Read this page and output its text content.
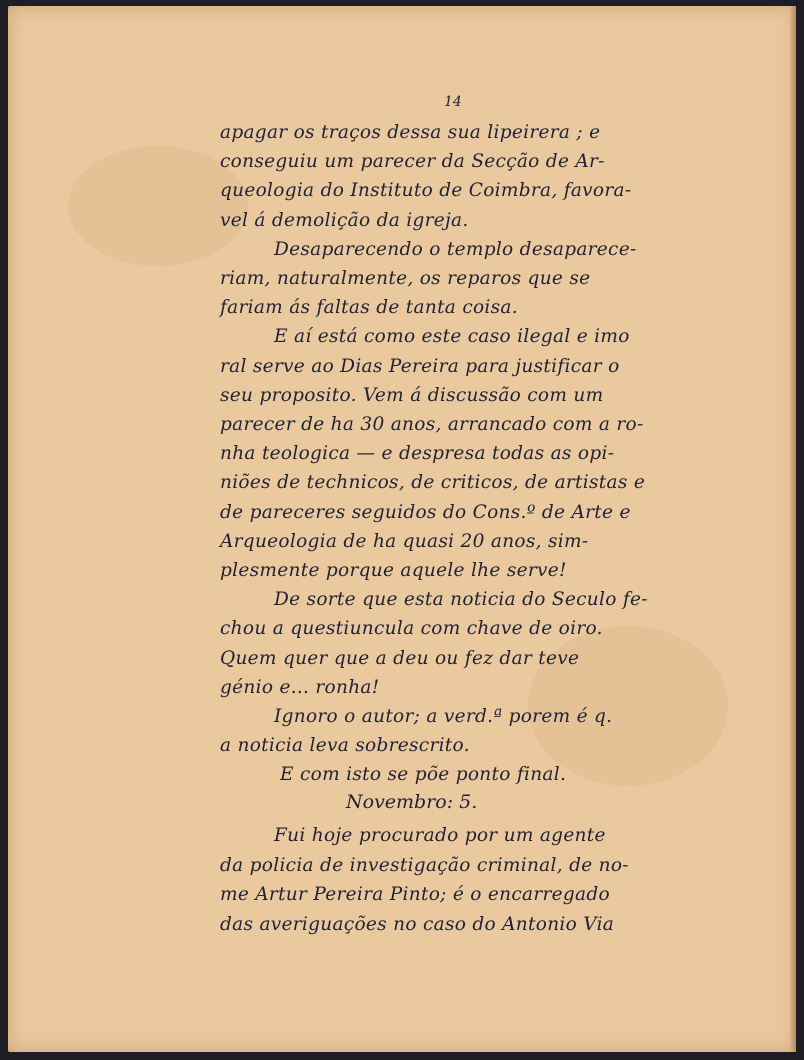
14
Novembro: 5.
apagar os traços dessa sua lipeirera ; e
conseguiu um parecer da Secção de Ar-
queologia do Instituto de Coimbra, favora-
vel á demolição da igreja.
Desaparecendo o templo desaparece-
riam, naturalmente, os reparos que se
fariam ás faltas de tanta coisa.
E aí está como este caso ilegal e imo
ral serve ao Dias Pereira para justificar o
seu proposito. Vem á discussão com um
parecer de ha 30 anos, arrancado com a ro-
nha teologica — e despresa todas as opi-
niões de technicos, de criticos, de artistas e
de pareceres seguidos do Cons.º de Arte e
Arqueologia de ha quasi 20 anos, sim-
plesmente porque aquele lhe serve!
De sorte que esta noticia do Seculo fe-
chou a questiuncula com chave de oiro.
Quem quer que a deu ou fez dar teve
génio e... ronha!
Ignoro o autor; a verd.ª porem é q.
a noticia leva sobrescrito.
E com isto se põe ponto final.
Fui hoje procurado por um agente
da policia de investigação criminal, de no-
me Artur Pereira Pinto; é o encarregado
das averiguações no caso do Antonio Via
